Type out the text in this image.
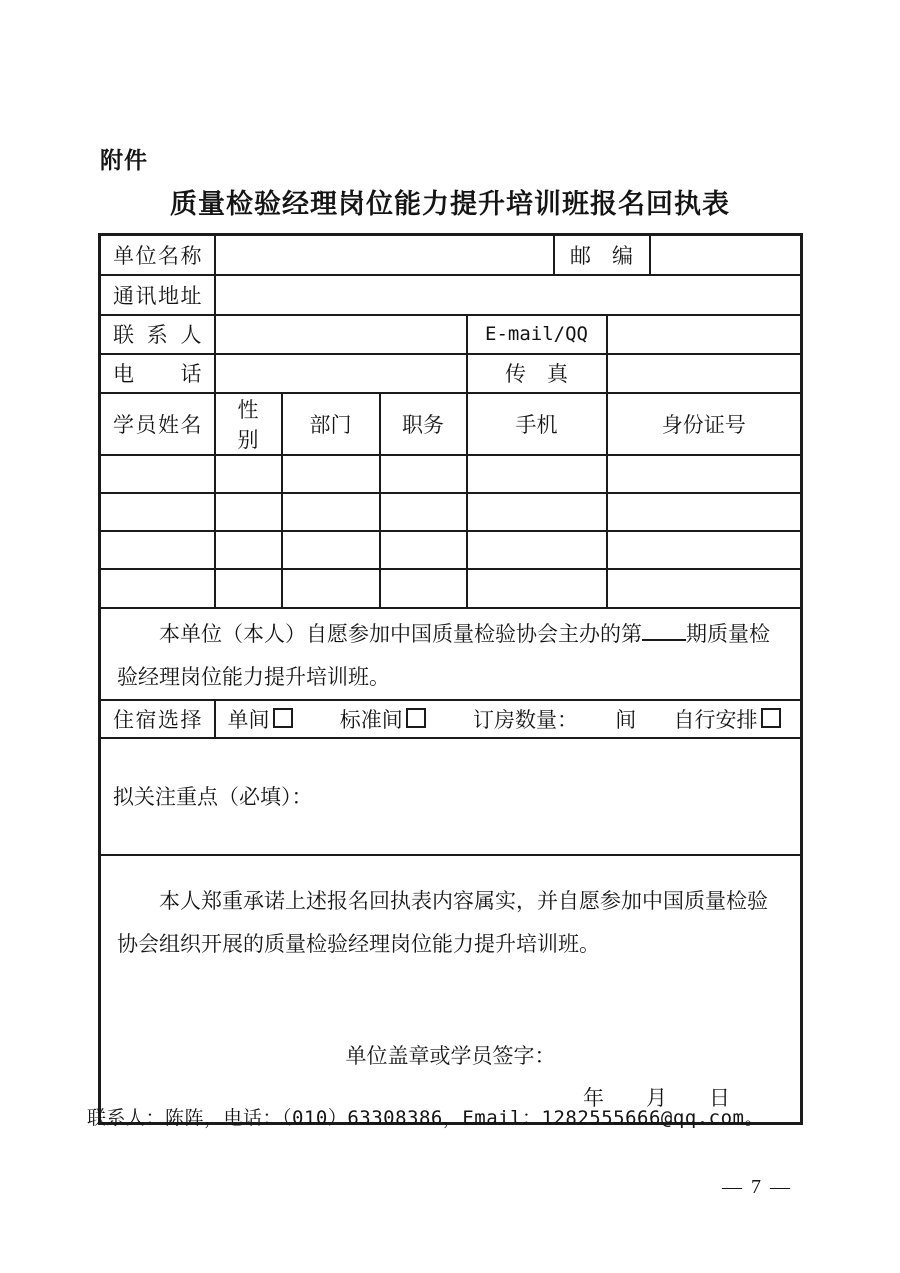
附件
质量检验经理岗位能力提升培训班报名回执表
单位名称					邮　编		
通讯地址							
联系人				E-mail/QQ			
电话				传　真			
学员姓名	性别	部门	职务	手机		身份证号	

本单位（本人）自愿参加中国质量检验协会主办的第 期质量检验经理岗位能力提升培训班。							

住宿选择	单间 标准间 订房数量： 间 自行安排						
拟关注重点（必填）：							

本人郑重承诺上述报名回执表内容属实，并自愿参加中国质量检验协会组织开展的质量检验经理岗位能力提升培训班。
单位盖章或学员签字：
年　　月　　日							
联系人：陈阵，电话：（010）63308386，Email：1282555666@qq.com。
— 7 —
